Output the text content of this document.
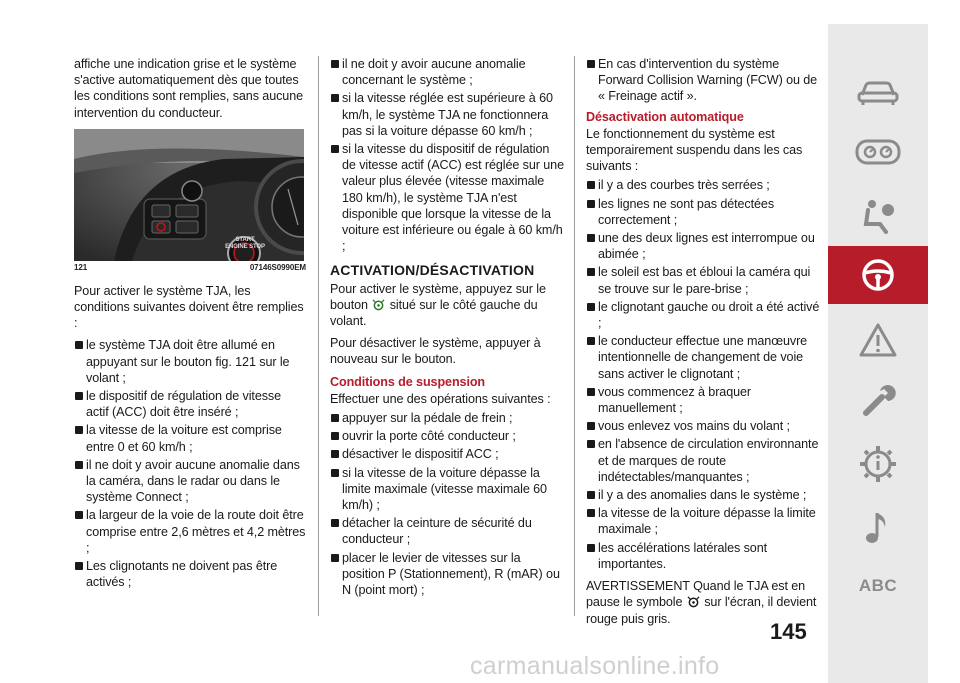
affiche une indication grise et le système s'active automatiquement dès que toutes les conditions sont remplies, sans aucune intervention du conducteur.

START ENGINE STOP
121	07146S0990EM

Pour activer le système TJA, les conditions suivantes doivent être remplies :

le système TJA doit être allumé en appuyant sur le bouton fig. 121 sur le volant ;
le dispositif de régulation de vitesse actif (ACC) doit être inséré ;
la vitesse de la voiture est comprise entre 0 et 60 km/h ;
il ne doit y avoir aucune anomalie dans la caméra, dans le radar ou dans le système Connect ;
la largeur de la voie de la route doit être comprise entre 2,6 mètres et 4,2 mètres ;
Les clignotants ne doivent pas être activés ;
il ne doit y avoir aucune anomalie concernant le système ;
si la vitesse réglée est supérieure à 60 km/h, le système TJA ne fonctionnera pas si la voiture dépasse 60 km/h ;
si la vitesse du dispositif de régulation de vitesse actif (ACC) est réglée sur une valeur plus élevée (vitesse maximale 180 km/h), le système TJA n'est disponible que lorsque la vitesse de la voiture est inférieure ou égale à 60 km/h ;
ACTIVATION/DÉSACTIVATION

Pour activer le système, appuyez sur le bouton situé sur le côté gauche du volant.

Pour désactiver le système, appuyer à nouveau sur le bouton.

Conditions de suspension

Effectuer une des opérations suivantes :

appuyer sur la pédale de frein ;
ouvrir la porte côté conducteur ;
désactiver le dispositif ACC ;
si la vitesse de la voiture dépasse la limite maximale (vitesse maximale 60 km/h) ;
détacher la ceinture de sécurité du conducteur ;
placer le levier de vitesses sur la position P (Stationnement), R (mAR) ou N (point mort) ;
En cas d'intervention du système Forward Collision Warning (FCW) ou de « Freinage actif ».
Désactivation automatique

Le fonctionnement du système est temporairement suspendu dans les cas suivants :

il y a des courbes très serrées ;
les lignes ne sont pas détectées correctement ;
une des deux lignes est interrompue ou abimée ;
le soleil est bas et ébloui la caméra qui se trouve sur le pare-brise ;
le clignotant gauche ou droit a été activé ;
le conducteur effectue une manœuvre intentionnelle de changement de voie sans activer le clignotant ;
vous commencez à braquer manuellement ;
vous enlevez vos mains du volant ;
en l'absence de circulation environnante et de marques de route indétectables/manquantes ;
il y a des anomalies dans le système ;
la vitesse de la voiture dépasse la limite maximale ;
les accélérations latérales sont importantes.

AVERTISSEMENT Quand le TJA est en pause le symbole sur l'écran, il devient rouge puis gris.

145
ABC
carmanualsonline.info
